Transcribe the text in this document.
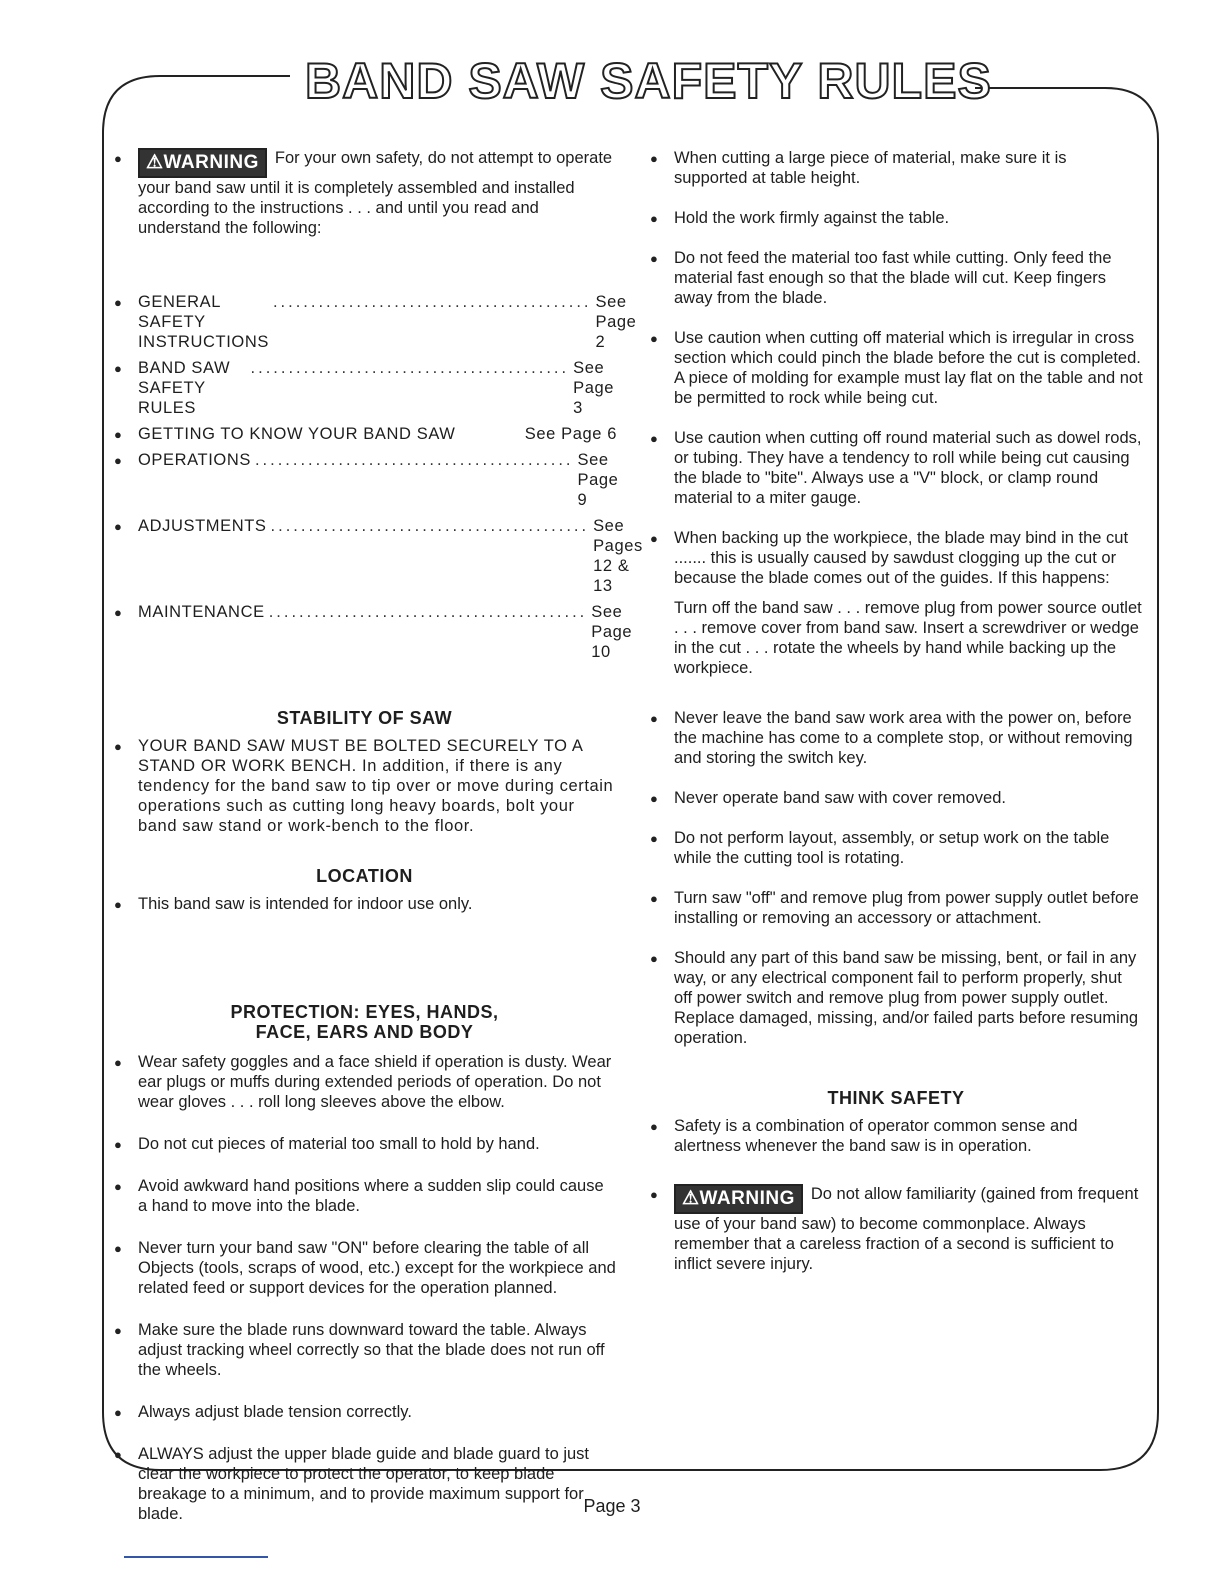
BAND SAW SAFETY RULES
● ⚠WARNING For your own safety, do not attempt to operate your band saw until it is completely assembled and installed according to the instructions . . . and until you read and understand the following:
● GENERAL SAFETY INSTRUCTIONS
.......................................... See Page 2
● BAND SAW SAFETY RULES
.......................................... See Page 3
● GETTING TO KNOW YOUR BAND SAW	See Page 6
● OPERATIONS .......................................... See Page 9
● ADJUSTMENTS .......................................... See Pages 12 & 13
● MAINTENANCE .......................................... See Page 10

STABILITY OF SAW

● YOUR BAND SAW MUST BE BOLTED SECURELY TO A STAND OR WORK BENCH. In addition, if there is any tendency for the band saw to tip over or move during certain operations such as cutting long heavy boards, bolt your band saw stand or work-bench to the floor.

LOCATION

● This band saw is intended for indoor use only.

PROTECTION: EYES, HANDS,

FACE, EARS AND BODY

● Wear safety goggles and a face shield if operation is dusty. Wear ear plugs or muffs during extended periods of operation. Do not wear gloves . . . roll long sleeves above the elbow.
● Do not cut pieces of material too small to hold by hand.
● Avoid awkward hand positions where a sudden slip could cause a hand to move into the blade.
● Never turn your band saw "ON" before clearing the table of all Objects (tools, scraps of wood, etc.) except for the workpiece and related feed or support devices for the operation planned.
● Make sure the blade runs downward toward the table. Always adjust tracking wheel correctly so that the blade does not run off the wheels.
● Always adjust blade tension correctly.
● ALWAYS adjust the upper blade guide and blade guard to just clear the workpiece to protect the operator, to keep blade breakage to a minimum, and to provide maximum support for blade.
● When cutting a large piece of material, make sure it is supported at table height.
● Hold the work firmly against the table.
● Do not feed the material too fast while cutting. Only feed the material fast enough so that the blade will cut. Keep fingers away from the blade.
● Use caution when cutting off material which is irregular in cross section which could pinch the blade before the cut is completed. A piece of molding for example must lay flat on the table and not be permitted to rock while being cut.
● Use caution when cutting off round material such as dowel rods, or tubing. They have a tendency to roll while being cut causing the blade to "bite". Always use a "V" block, or clamp round material to a miter gauge.
● When backing up the workpiece, the blade may bind in the cut ....... this is usually caused by sawdust clogging up the cut or because the blade comes out of the guides. If this happens:

Turn off the band saw . . . remove plug from power source outlet . . . remove cover from band saw. Insert a screwdriver or wedge in the cut . . . rotate the wheels by hand while backing up the workpiece.

● Never leave the band saw work area with the power on, before the machine has come to a complete stop, or without removing and storing the switch key.
● Never operate band saw with cover removed.
● Do not perform layout, assembly, or setup work on the table while the cutting tool is rotating.
● Turn saw "off" and remove plug from power supply outlet before installing or removing an accessory or attachment.
● Should any part of this band saw be missing, bent, or fail in any way, or any electrical component fail to perform properly, shut off power switch and remove plug from power supply outlet. Replace damaged, missing, and/or failed parts before resuming operation.

THINK SAFETY

● Safety is a combination of operator common sense and alertness whenever the band saw is in operation.
● ⚠WARNING Do not allow familiarity (gained from frequent use of your band saw) to become commonplace. Always remember that a careless fraction of a second is sufficient to inflict severe injury.
Page 3
